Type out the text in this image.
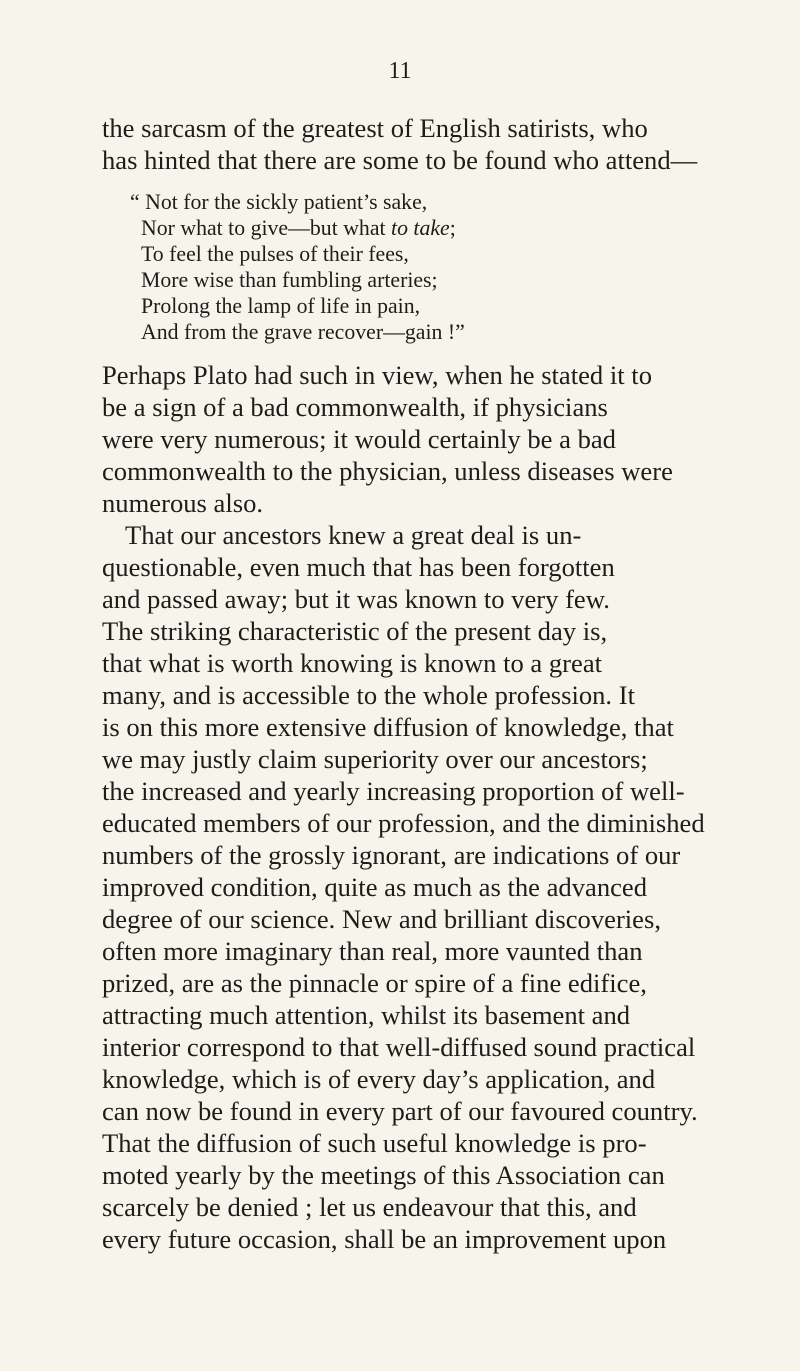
11
the sarcasm of the greatest of English satirists, who
has hinted that there are some to be found who attend—
“ Not for the sickly patient’s sake,
Nor what to give—but what to take;
To feel the pulses of their fees,
More wise than fumbling arteries;
Prolong the lamp of life in pain,
And from the grave recover—gain !”
Perhaps Plato had such in view, when he stated it to
be a sign of a bad commonwealth, if physicians
were very numerous; it would certainly be a bad
commonwealth to the physician, unless diseases were
numerous also.
That our ancestors knew a great deal is un-
questionable, even much that has been forgotten
and passed away; but it was known to very few.
The striking characteristic of the present day is,
that what is worth knowing is known to a great
many, and is accessible to the whole profession. It
is on this more extensive diffusion of knowledge, that
we may justly claim superiority over our ancestors;
the increased and yearly increasing proportion of well-
educated members of our profession, and the diminished
numbers of the grossly ignorant, are indications of our
improved condition, quite as much as the advanced
degree of our science. New and brilliant discoveries,
often more imaginary than real, more vaunted than
prized, are as the pinnacle or spire of a fine edifice,
attracting much attention, whilst its basement and
interior correspond to that well-diffused sound practical
knowledge, which is of every day’s application, and
can now be found in every part of our favoured country.
That the diffusion of such useful knowledge is pro-
moted yearly by the meetings of this Association can
scarcely be denied ; let us endeavour that this, and
every future occasion, shall be an improvement upon
